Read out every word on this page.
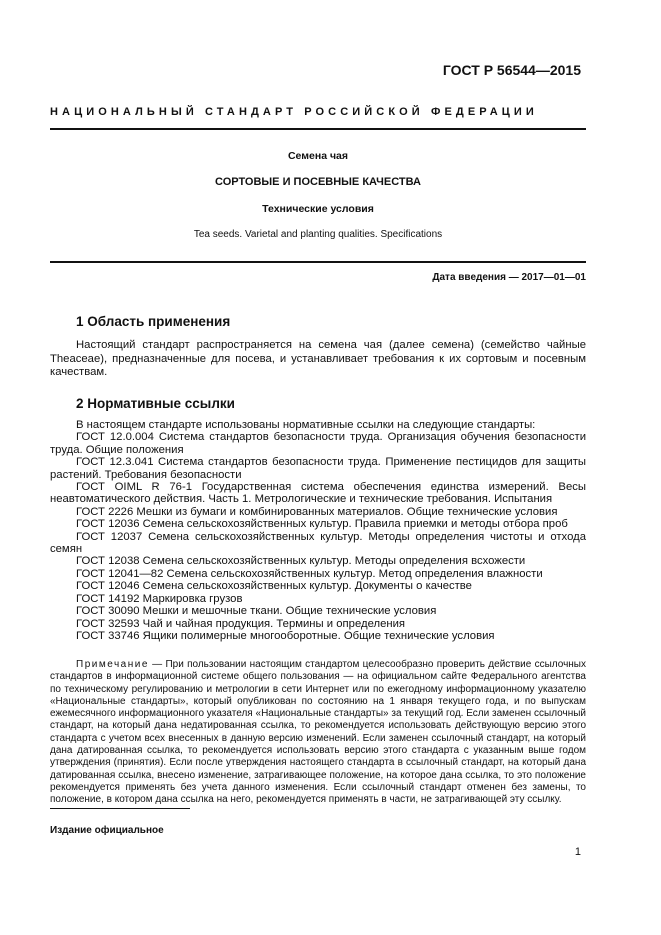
ГОСТ Р 56544—2015
НАЦИОНАЛЬНЫЙ СТАНДАРТ РОССИЙСКОЙ ФЕДЕРАЦИИ
Семена чая
СОРТОВЫЕ И ПОСЕВНЫЕ КАЧЕСТВА
Технические условия
Tea seeds. Varietal and planting qualities. Specifications
Дата введения — 2017—01—01
1 Область применения

Настоящий стандарт распространяется на семена чая (далее семена) (семейство чайные Theaceae), предназначенные для посева, и устанавливает требования к их сортовым и посевным качествам.

2 Нормативные ссылки
В настоящем стандарте использованы нормативные ссылки на следующие стандарты:
ГОСТ 12.0.004 Система стандартов безопасности труда. Организация обучения безопасности труда. Общие положения
ГОСТ 12.3.041 Система стандартов безопасности труда. Применение пестицидов для защиты растений. Требования безопасности
ГОСТ OIML R 76-1 Государственная система обеспечения единства измерений. Весы неавтоматического действия. Часть 1. Метрологические и технические требования. Испытания
ГОСТ 2226 Мешки из бумаги и комбинированных материалов. Общие технические условия
ГОСТ 12036 Семена сельскохозяйственных культур. Правила приемки и методы отбора проб
ГОСТ 12037 Семена сельскохозяйственных культур. Методы определения чистоты и отхода семян
ГОСТ 12038 Семена сельскохозяйственных культур. Методы определения всхожести
ГОСТ 12041—82 Семена сельскохозяйственных культур. Метод определения влажности
ГОСТ 12046 Семена сельскохозяйственных культур. Документы о качестве
ГОСТ 14192 Маркировка грузов
ГОСТ 30090 Мешки и мешочные ткани. Общие технические условия
ГОСТ 32593 Чай и чайная продукция. Термины и определения
ГОСТ 33746 Ящики полимерные многооборотные. Общие технические условия

Примечание — При пользовании настоящим стандартом целесообразно проверить действие ссылочных стандартов в информационной системе общего пользования — на официальном сайте Федерального агентства по техническому регулированию и метрологии в сети Интернет или по ежегодному информационному указателю «Национальные стандарты», который опубликован по состоянию на 1 января текущего года, и по выпускам ежемесячного информационного указателя «Национальные стандарты» за текущий год. Если заменен ссылочный стандарт, на который дана недатированная ссылка, то рекомендуется использовать действующую версию этого стандарта с учетом всех внесенных в данную версию изменений. Если заменен ссылочный стандарт, на который дана датированная ссылка, то рекомендуется использовать версию этого стандарта с указанным выше годом утверждения (принятия). Если после утверждения настоящего стандарта в ссылочный стандарт, на который дана датированная ссылка, внесено изменение, затрагивающее положение, на которое дана ссылка, то это положение рекомендуется применять без учета данного изменения. Если ссылочный стандарт отменен без замены, то положение, в котором дана ссылка на него, рекомендуется применять в части, не затрагивающей эту ссылку.

Издание официальное
1
